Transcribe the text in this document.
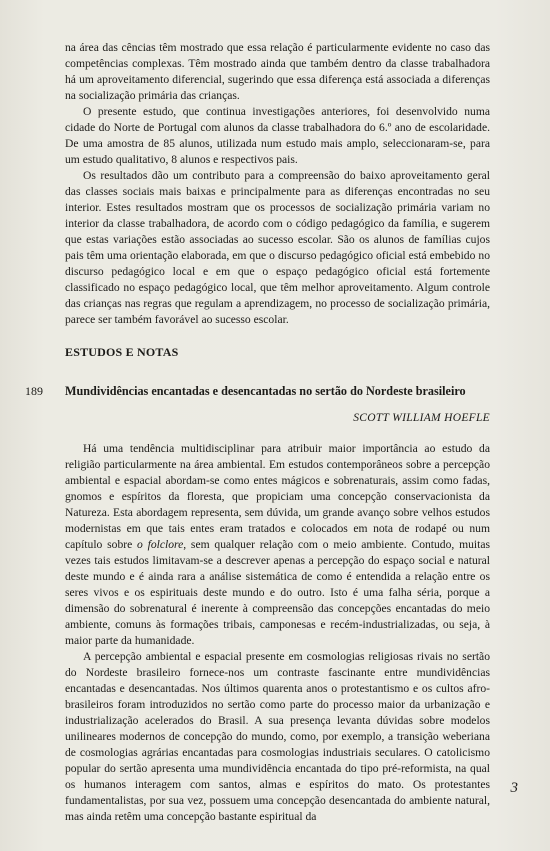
na área das cências têm mostrado que essa relação é particularmente evidente no caso das competências complexas. Têm mostrado ainda que também dentro da classe trabalhadora há um aproveitamento diferencial, sugerindo que essa diferença está associada a diferenças na socialização primária das crianças.

O presente estudo, que continua investigações anteriores, foi desenvolvido numa cidade do Norte de Portugal com alunos da classe trabalhadora do 6.º ano de escolaridade. De uma amostra de 85 alunos, utilizada num estudo mais amplo, seleccionaram-se, para um estudo qualitativo, 8 alunos e respectivos pais.

Os resultados dão um contributo para a compreensão do baixo aproveitamento geral das classes sociais mais baixas e principalmente para as diferenças encontradas no seu interior. Estes resultados mostram que os processos de socialização primária variam no interior da classe trabalhadora, de acordo com o código pedagógico da família, e sugerem que estas variações estão associadas ao sucesso escolar. São os alunos de famílias cujos pais têm uma orientação elaborada, em que o discurso pedagógico oficial está embebido no discurso pedagógico local e em que o espaço pedagógico oficial está fortemente classificado no espaço pedagógico local, que têm melhor aproveitamento. Algum controle das crianças nas regras que regulam a aprendizagem, no processo de socialização primária, parece ser também favorável ao sucesso escolar.

ESTUDOS E NOTAS
189 Mundividências encantadas e desencantadas no sertão do Nordeste brasileiro
SCOTT WILLIAM HOEFLE

Há uma tendência multidisciplinar para atribuir maior importância ao estudo da religião particularmente na área ambiental. Em estudos contemporâneos sobre a percepção ambiental e espacial abordam-se como entes mágicos e sobrenaturais, assim como fadas, gnomos e espíritos da floresta, que propiciam uma concepção conservacionista da Natureza. Esta abordagem representa, sem dúvida, um grande avanço sobre velhos estudos modernistas em que tais entes eram tratados e colocados em nota de rodapé ou num capítulo sobre o folclore, sem qualquer relação com o meio ambiente. Contudo, muitas vezes tais estudos limitavam-se a descrever apenas a percepção do espaço social e natural deste mundo e é ainda rara a análise sistemática de como é entendida a relação entre os seres vivos e os espirituais deste mundo e do outro. Isto é uma falha séria, porque a dimensão do sobrenatural é inerente à compreensão das concepções encantadas do meio ambiente, comuns às formações tribais, camponesas e recém-industrializadas, ou seja, à maior parte da humanidade.

A percepção ambiental e espacial presente em cosmologias religiosas rivais no sertão do Nordeste brasileiro fornece-nos um contraste fascinante entre mundividências encantadas e desencantadas. Nos últimos quarenta anos o protestantismo e os cultos afro-brasileiros foram introduzidos no sertão como parte do processo maior da urbanização e industrialização acelerados do Brasil. A sua presença levanta dúvidas sobre modelos unilineares modernos de concepção do mundo, como, por exemplo, a transição weberiana de cosmologias agrárias encantadas para cosmologias industriais seculares. O catolicismo popular do sertão apresenta uma mundividência encantada do tipo pré-reformista, na qual os humanos interagem com santos, almas e espíritos do mato. Os protestantes fundamentalistas, por sua vez, possuem uma concepção desencantada do ambiente natural, mas ainda retêm uma concepção bastante espiritual da

3
